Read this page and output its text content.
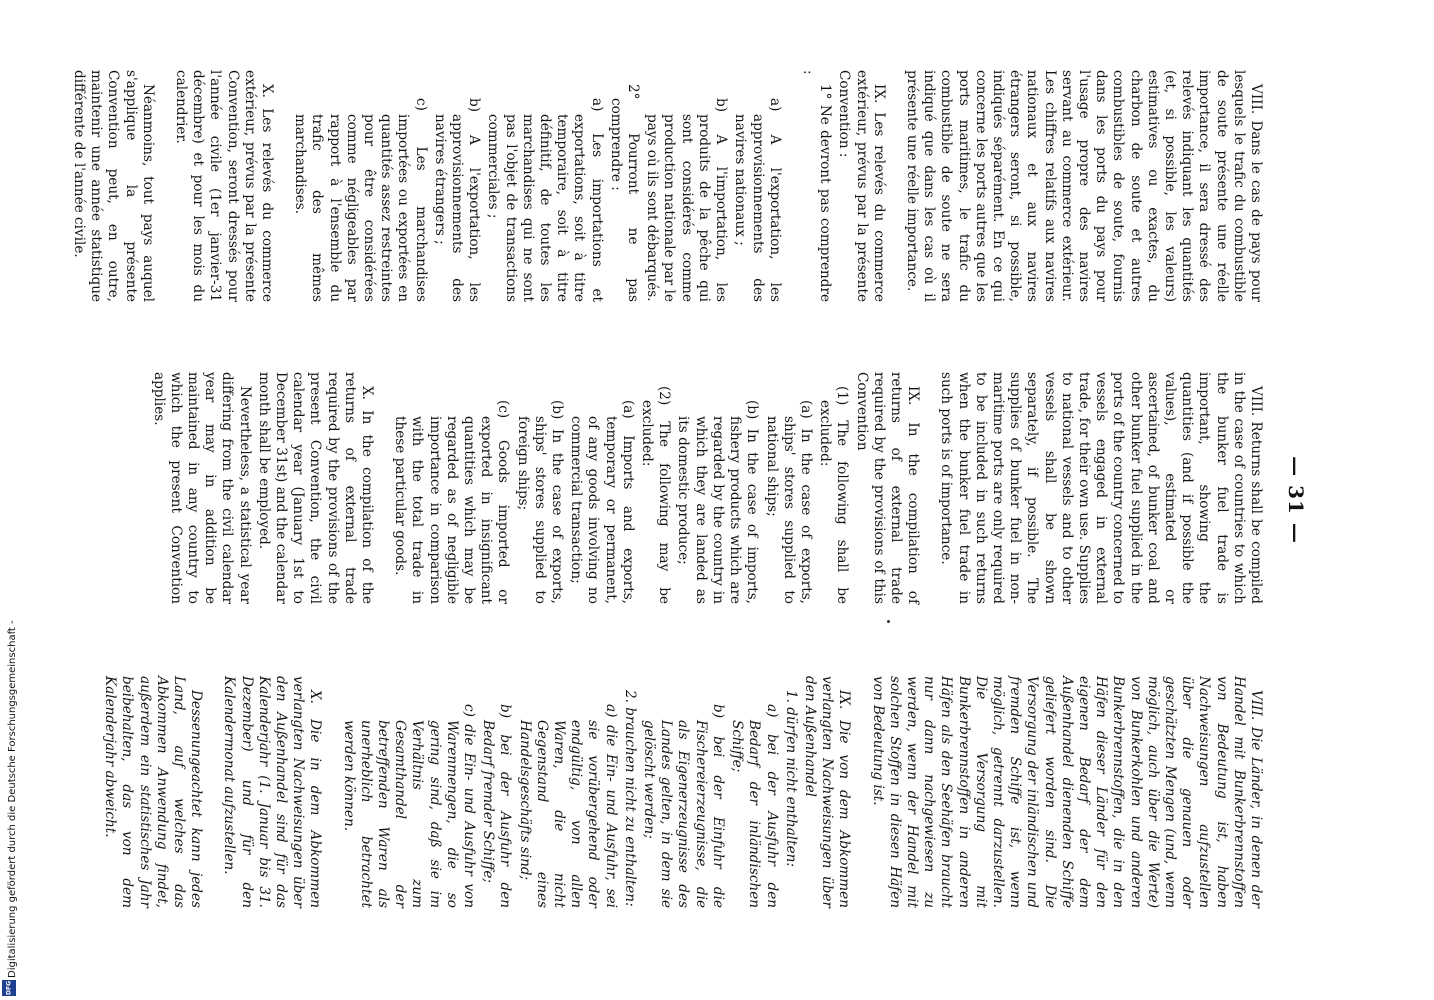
Digitalisierung gefördert durch die Deutsche Forschungsgemeinschaft -
DFG
— 31 —

VIII. Dans le cas de pays pour lesquels le trafic du combustible de soute présente une réelle importance, il sera dressé des relevés indiquant les quantités (et, si possible, les valeurs) estimatives ou exactes, du charbon de soute et autres combustibles de soute, fournis dans les ports du pays pour l'usage propre des navires servant au commerce extérieur. Les chiffres relatifs aux navires nationaux et aux navires étrangers seront, si possible, indiqués séparément. En ce qui concerne les ports autres que les ports maritimes, le trafic du combustible de soute ne sera indiqué que dans les cas où il présente une réelle importance.

IX. Les relevés du commerce extérieur, prévus par la présente Convention :

1° Ne devront pas comprendre :

a) A l'exportation, les approvisionnements des navires nationaux ;
b) A l'importation, les produits de la pêche qui sont considérés comme production nationale par le pays où ils sont débarqués.
2° Pourront ne pas comprendre :
a) Les importations et exportations, soit à titre temporaire, soit à titre définitif, de toutes les marchandises qui ne sont pas l'objet de transactions commerciales ;
b) A l'exportation, les approvisionnements des navires étrangers ;
c) Les marchandises importées ou exportées en quantités assez restreintes pour être considérées comme négligeables par rapport à l'ensemble du trafic des mêmes marchandises.

X. Les relevés du commerce extérieur, prévus par la présente Convention, seront dressés pour l'année civile (1er janvier-31 décembre) et pour les mois du calendrier.

Néanmoins, tout pays auquel s'applique la présente Convention peut, en outre, maintenir une année statistique différente de l'année civile.

VIII. Returns shall be compiled in the case of countries to which the bunker fuel trade is important, showing the quantities (and if possible the values), estimated or ascertained, of bunker coal and other bunker fuel supplied in the ports of the country concerned to vessels engaged in external trade, for their own use. Supplies to national vessels and to other vessels shall be shown separately, if possible. The supplies of bunker fuel in non-maritime ports are only required to be included in such returns when the bunker fuel trade in such ports is of importance.

IX. In the compilation of returns of external trade required by the provisions of this Convention

(1) The following shall be excluded:
(a) In the case of exports, ships' stores supplied to national ships;
(b) In the case of imports, fishery products which are regarded by the country in which they are landed as its domestic produce;
(2) The following may be excluded:
(a) Imports and exports, temporary or permanent, of any goods involving no commercial transaction;
(b) In the case of exports, ships' stores supplied to foreign ships;
(c) Goods imported or exported in insignificant quantities which may be regarded as of negligible importance in comparison with the total trade in these particular goods.

X. In the compilation of the returns of external trade required by the provisions of the present Convention, the civil calendar year (January 1st to December 31st) and the calendar month shall be employed.

Nevertheless, a statistical year differing from the civil calendar year may in addition be maintained in any country to which the present Convention applies.

VIII. Die Länder, in denen der Handel mit Bunkerbrennstoffen von Bedeutung ist, haben Nachweisungen aufzustellen über die genauen oder geschätzten Mengen (und, wenn möglich, auch über die Werte) von Bunkerkohlen und anderen Bunkerbrennstoffen, die in den Häfen dieser Länder für den eigenen Bedarf der dem Außenhandel dienenden Schiffe geliefert worden sind. Die Versorgung der inländischen und fremden Schiffe ist, wenn möglich, getrennt darzustellen. Die Versorgung mit Bunkerbrennstoffen in anderen Häfen als den Seehäfen braucht nur dann nachgewiesen zu werden, wenn der Handel mit solchen Stoffen in diesen Häfen von Bedeutung ist.

IX. Die von dem Abkommen verlangten Nachweisungen über den Außenhandel

1. dürfen nicht enthalten:
a) bei der Ausfuhr den Bedarf der inländischen Schiffe;
b) bei der Einfuhr die Fischereierzeugnisse, die als Eigenerzeugnisse des Landes gelten, in dem sie gelöscht werden;
2. brauchen nicht zu enthalten:
a) die Ein- und Ausfuhr, sei sie vorübergehend oder endgültig, von allen Waren, die nicht Gegenstand eines Handelsgeschäfts sind;
b) bei der Ausfuhr den Bedarf fremder Schiffe;
c) die Ein- und Ausfuhr von Warenmengen, die so gering sind, daß sie im Verhältnis zum Gesamthandel der betreffenden Waren als unerheblich betrachtet werden können.

X. Die in dem Abkommen verlangten Nachweisungen über den Außenhandel sind für das Kalenderjahr (1. Januar bis 31. Dezember) und für den Kalendermonat aufzustellen.

Dessenungeachtet kann jedes Land, auf welches das Abkommen Anwendung findet, außerdem ein statistisches Jahr beibehalten, das von dem Kalenderjahr abweicht.
